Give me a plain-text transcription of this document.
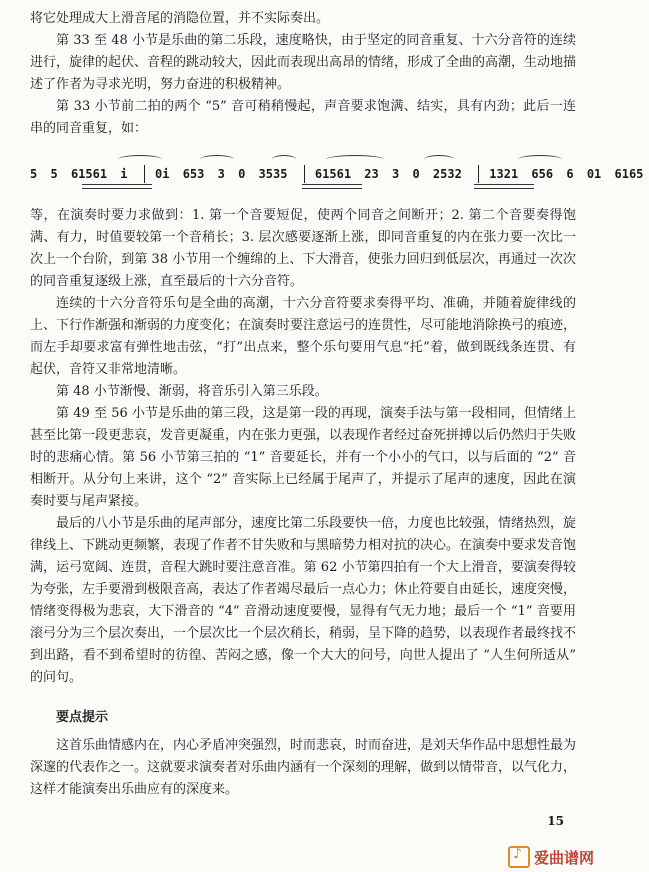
将它处理成大上滑音尾的消隐位置，并不实际奏出。

第 33 至 48 小节是乐曲的第二乐段，速度略快，由于坚定的同音重复、十六分音符的连续进行，旋律的起伏、音程的跳动较大，因此而表现出高昂的情绪，形成了全曲的高潮，生动地描述了作者为寻求光明，努力奋进的积极精神。

第 33 小节前二拍的两个 “5” 音可稍稍慢起，声音要求饱满、结实，具有内劲；此后一连串的同音重复，如：

5 5 61561 i 0i 653 3 0 3535 61561 23 3 0 2532 1321 656 6 01 6165

等，在演奏时要力求做到：1. 第一个音要短促，使两个同音之间断开；2. 第二个音要奏得饱满、有力，时值要较第一个音稍长；3. 层次感要逐渐上涨，即同音重复的内在张力要一次比一次上一个台阶，到第 38 小节用一个缠绵的上、下大滑音，使张力回归到低层次，再通过一次次的同音重复逐级上涨，直至最后的十六分音符。

连续的十六分音符乐句是全曲的高潮，十六分音符要求奏得平均、准确，并随着旋律线的上、下行作渐强和渐弱的力度变化；在演奏时要注意运弓的连贯性，尽可能地消除换弓的痕迹，而左手却要求富有弹性地击弦，“打”出点来，整个乐句要用气息“托”着，做到既线条连贯、有起伏，音符又非常地清晰。

第 48 小节渐慢、渐弱，将音乐引入第三乐段。

第 49 至 56 小节是乐曲的第三段，这是第一段的再现，演奏手法与第一段相同，但情绪上甚至比第一段更悲哀，发音更凝重，内在张力更强，以表现作者经过奋死拼搏以后仍然归于失败时的悲痛心情。第 56 小节第三拍的 “1” 音要延长，并有一个小小的气口，以与后面的 “2” 音相断开。从分句上来讲，这个 “2” 音实际上已经属于尾声了，并提示了尾声的速度，因此在演奏时要与尾声紧接。

最后的八小节是乐曲的尾声部分，速度比第二乐段要快一倍，力度也比较强，情绪热烈，旋律线上、下跳动更频繁，表现了作者不甘失败和与黑暗势力相对抗的决心。在演奏中要求发音饱满，运弓宽阔、连贯，音程大跳时要注意音准。第 62 小节第四拍有一个大上滑音，要演奏得较为夸张，左手要滑到极限音高，表达了作者竭尽最后一点心力；休止符要自由延长，速度突慢，情绪变得极为悲哀，大下滑音的 “4” 音滑动速度要慢，显得有气无力地；最后一个 “1” 音要用滚弓分为三个层次奏出，一个层次比一个层次稍长，稍弱，呈下降的趋势，以表现作者最终找不到出路，看不到希望时的彷徨、苦闷之感，像一个大大的问号，向世人提出了 “人生何所适从” 的问句。

要点提示

这首乐曲情感内在，内心矛盾冲突强烈，时而悲哀，时而奋进，是刘天华作品中思想性最为深邃的代表作之一。这就要求演奏者对乐曲内涵有一个深刻的理解，做到以情带音，以气化力，这样才能演奏出乐曲应有的深度来。

15
♪
爱曲谱网
